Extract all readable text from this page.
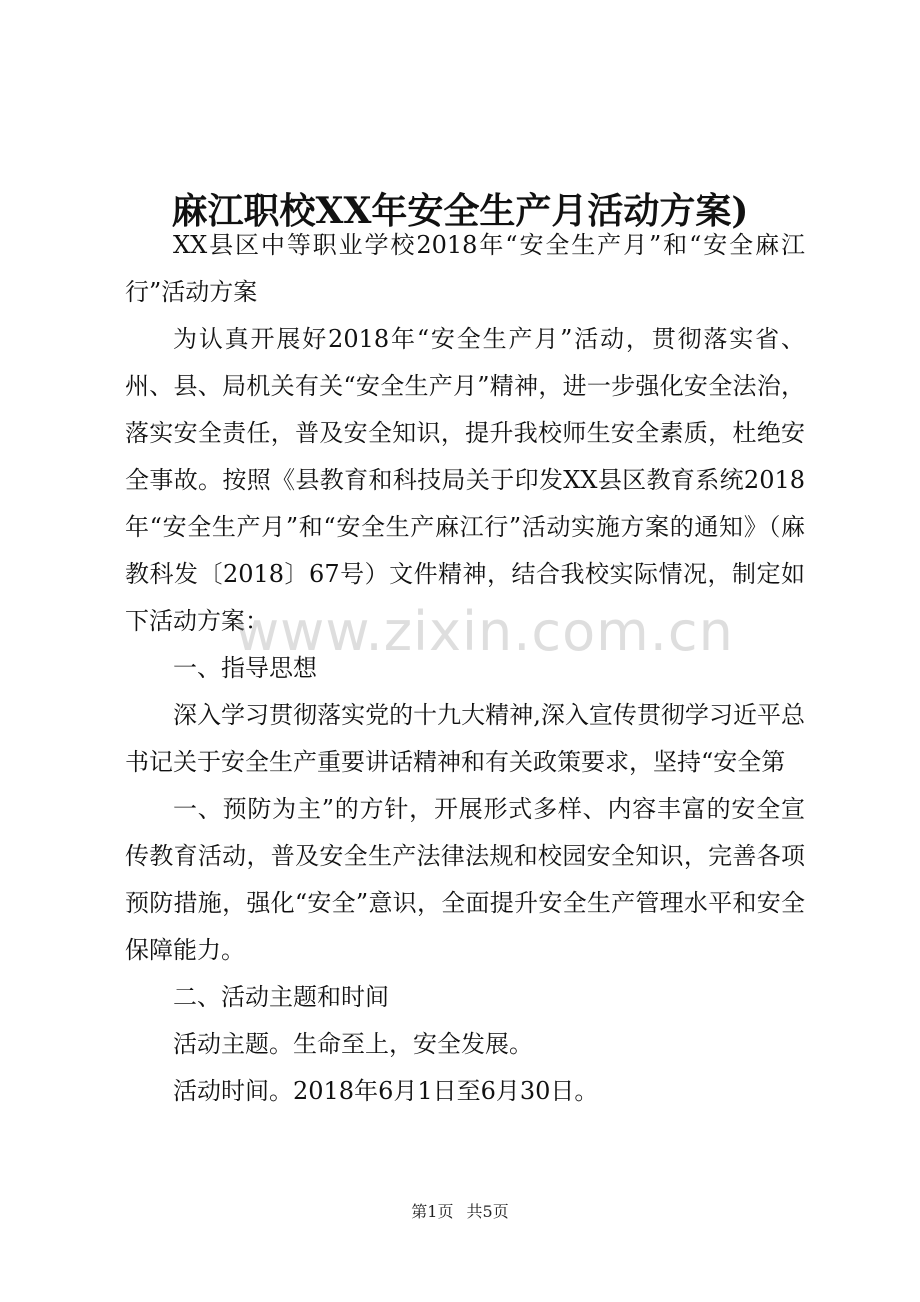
麻江职校XX年安全生产月活动方案)

XX县区中等职业学校2018年“安全生产月”和“安全麻江行”活动方案

为认真开展好2018年“安全生产月”活动，贯彻落实省、州、县、局机关有关“安全生产月”精神，进一步强化安全法治，落实安全责任，普及安全知识，提升我校师生安全素质，杜绝安全事故。按照《县教育和科技局关于印发XX县区教育系统2018年“安全生产月”和“安全生产麻江行”活动实施方案的通知》（麻教科发〔2018〕67号）文件精神，结合我校实际情况，制定如下活动方案：

一、指导思想

深入学习贯彻落实党的十九大精神,深入宣传贯彻学习近平总书记关于安全生产重要讲话精神和有关政策要求，坚持“安全第

一、预防为主”的方针，开展形式多样、内容丰富的安全宣传教育活动，普及安全生产法律法规和校园安全知识，完善各项预防措施，强化“安全”意识，全面提升安全生产管理水平和安全保障能力。

二、活动主题和时间

活动主题。生命至上，安全发展。

活动时间。2018年6月1日至6月30日。

www.zixin.com.cn
第1页 共5页
